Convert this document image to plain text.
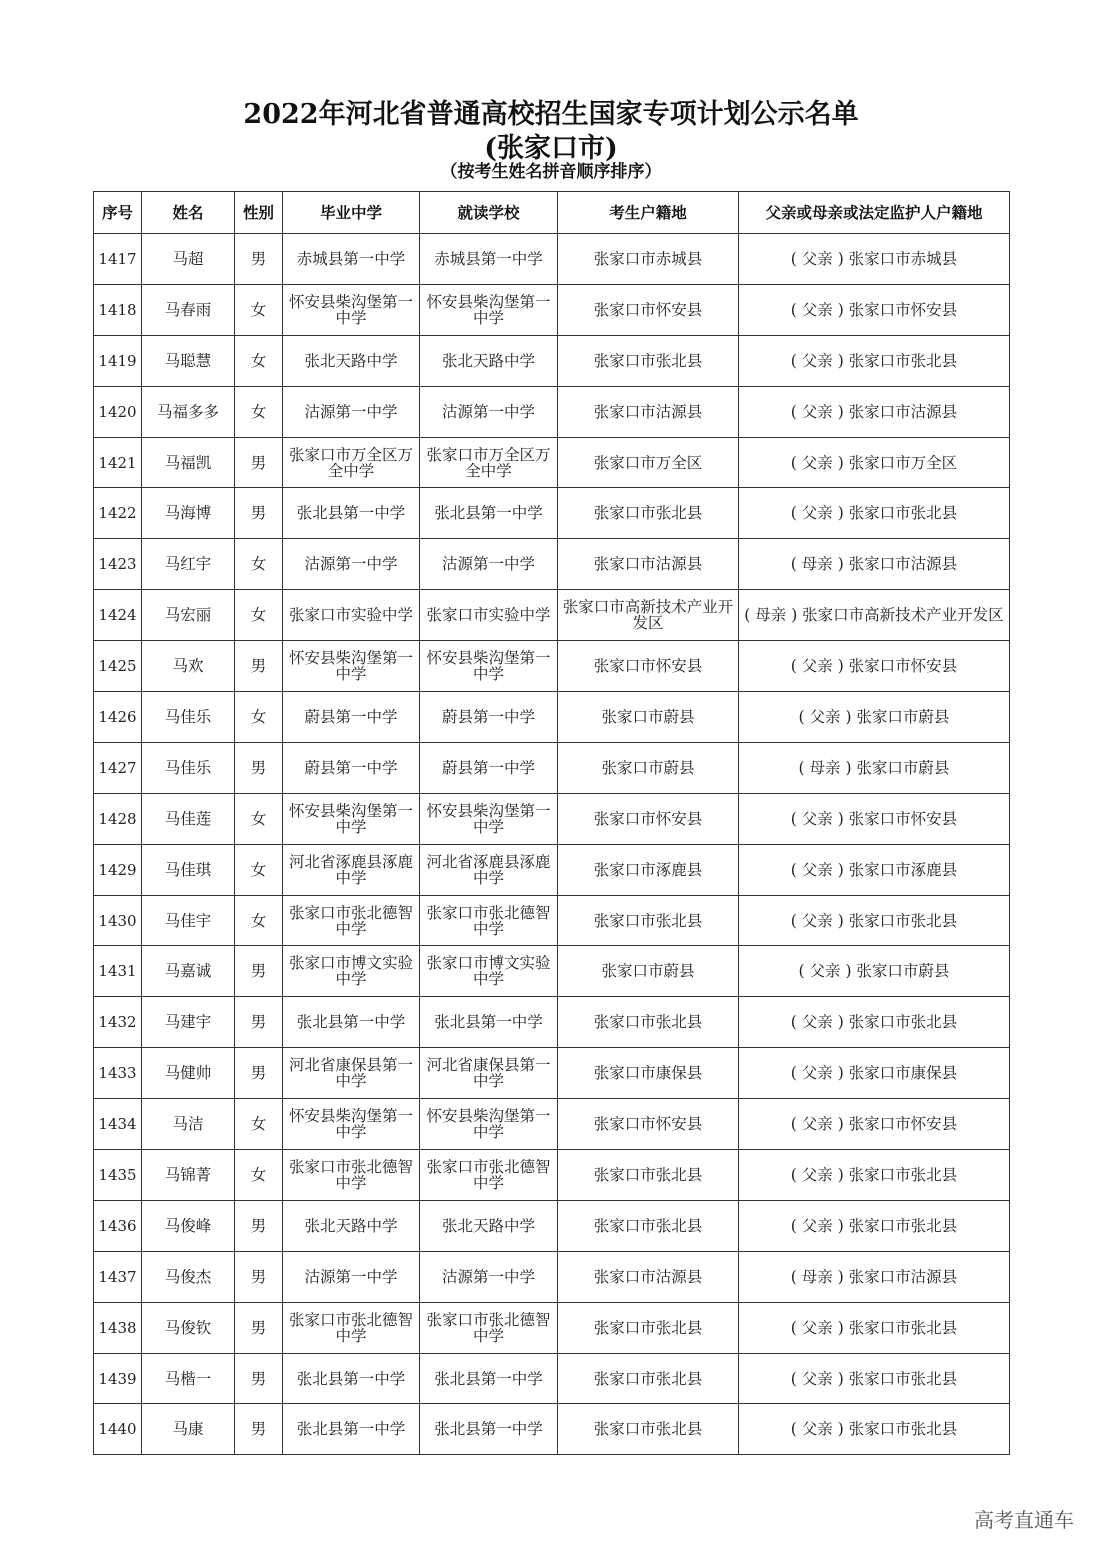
2022年河北省普通高校招生国家专项计划公示名单
(张家口市)
（按考生姓名拼音顺序排序）
序号	姓名	性别	毕业中学	就读学校	考生户籍地	父亲或母亲或法定监护人户籍地
1417	马超	男	赤城县第一中学	赤城县第一中学	张家口市赤城县	( 父亲 ) 张家口市赤城县
1418	马春雨	女	怀安县柴沟堡第一中学	怀安县柴沟堡第一中学	张家口市怀安县	( 父亲 ) 张家口市怀安县
1419	马聪慧	女	张北天路中学	张北天路中学	张家口市张北县	( 父亲 ) 张家口市张北县
1420	马福多多	女	沽源第一中学	沽源第一中学	张家口市沽源县	( 父亲 ) 张家口市沽源县
1421	马福凯	男	张家口市万全区万全中学	张家口市万全区万全中学	张家口市万全区	( 父亲 ) 张家口市万全区
1422	马海博	男	张北县第一中学	张北县第一中学	张家口市张北县	( 父亲 ) 张家口市张北县
1423	马红宇	女	沽源第一中学	沽源第一中学	张家口市沽源县	( 母亲 ) 张家口市沽源县
1424	马宏丽	女	张家口市实验中学	张家口市实验中学	张家口市高新技术产业开发区	( 母亲 ) 张家口市高新技术产业开发区
1425	马欢	男	怀安县柴沟堡第一中学	怀安县柴沟堡第一中学	张家口市怀安县	( 父亲 ) 张家口市怀安县
1426	马佳乐	女	蔚县第一中学	蔚县第一中学	张家口市蔚县	( 父亲 ) 张家口市蔚县
1427	马佳乐	男	蔚县第一中学	蔚县第一中学	张家口市蔚县	( 母亲 ) 张家口市蔚县
1428	马佳莲	女	怀安县柴沟堡第一中学	怀安县柴沟堡第一中学	张家口市怀安县	( 父亲 ) 张家口市怀安县
1429	马佳琪	女	河北省涿鹿县涿鹿中学	河北省涿鹿县涿鹿中学	张家口市涿鹿县	( 父亲 ) 张家口市涿鹿县
1430	马佳宇	女	张家口市张北德智中学	张家口市张北德智中学	张家口市张北县	( 父亲 ) 张家口市张北县
1431	马嘉诚	男	张家口市博文实验中学	张家口市博文实验中学	张家口市蔚县	( 父亲 ) 张家口市蔚县
1432	马建宇	男	张北县第一中学	张北县第一中学	张家口市张北县	( 父亲 ) 张家口市张北县
1433	马健帅	男	河北省康保县第一中学	河北省康保县第一中学	张家口市康保县	( 父亲 ) 张家口市康保县
1434	马洁	女	怀安县柴沟堡第一中学	怀安县柴沟堡第一中学	张家口市怀安县	( 父亲 ) 张家口市怀安县
1435	马锦菁	女	张家口市张北德智中学	张家口市张北德智中学	张家口市张北县	( 父亲 ) 张家口市张北县
1436	马俊峰	男	张北天路中学	张北天路中学	张家口市张北县	( 父亲 ) 张家口市张北县
1437	马俊杰	男	沽源第一中学	沽源第一中学	张家口市沽源县	( 母亲 ) 张家口市沽源县
1438	马俊钦	男	张家口市张北德智中学	张家口市张北德智中学	张家口市张北县	( 父亲 ) 张家口市张北县
1439	马楷一	男	张北县第一中学	张北县第一中学	张家口市张北县	( 父亲 ) 张家口市张北县
1440	马康	男	张北县第一中学	张北县第一中学	张家口市张北县	( 父亲 ) 张家口市张北县
高考直通车
